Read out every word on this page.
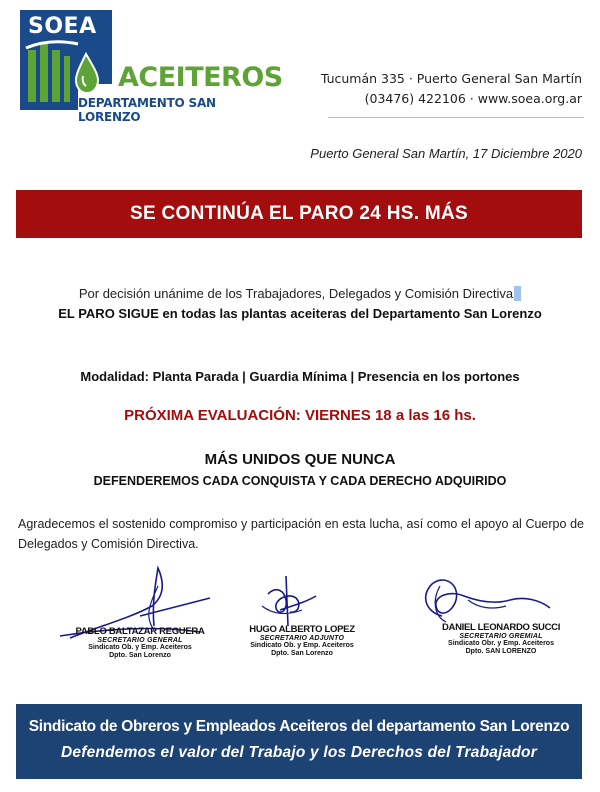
SOEA
ACEITEROS
DEPARTAMENTO SAN LORENZO
Tucumán 335 · Puerto General San Martín
(03476) 422106 · www.soea.org.ar
Puerto General San Martín, 17 Diciembre 2020
SE CONTINÚA EL PARO 24 HS. MÁS
Por decisión unánime de los Trabajadores, Delegados y Comisión Directiva
EL PARO SIGUE en todas las plantas aceiteras del Departamento San Lorenzo
Modalidad: Planta Parada | Guardia Mínima | Presencia en los portones
PRÓXIMA EVALUACIÓN: VIERNES 18 a las 16 hs.
MÁS UNIDOS QUE NUNCA
DEFENDEREMOS CADA CONQUISTA Y CADA DERECHO ADQUIRIDO
Agradecemos el sostenido compromiso y participación en esta lucha, así como el apoyo al Cuerpo de Delegados y Comisión Directiva.
PABLO BALTAZAR REGUERA
SECRETARIO GENERAL
Sindicato Ob. y Emp. Aceiteros
Dpto. San Lorenzo
HUGO ALBERTO LOPEZ
SECRETARIO ADJUNTO
Sindicato Ob. y Emp. Aceiteros
Dpto. San Lorenzo
DANIEL LEONARDO SUCCI
SECRETARIO GREMIAL
Sindicato Obr. y Emp. Aceiteros
Dpto. SAN LORENZO
Sindicato de Obreros y Empleados Aceiteros del departamento San Lorenzo
Defendemos el valor del Trabajo y los Derechos del Trabajador
